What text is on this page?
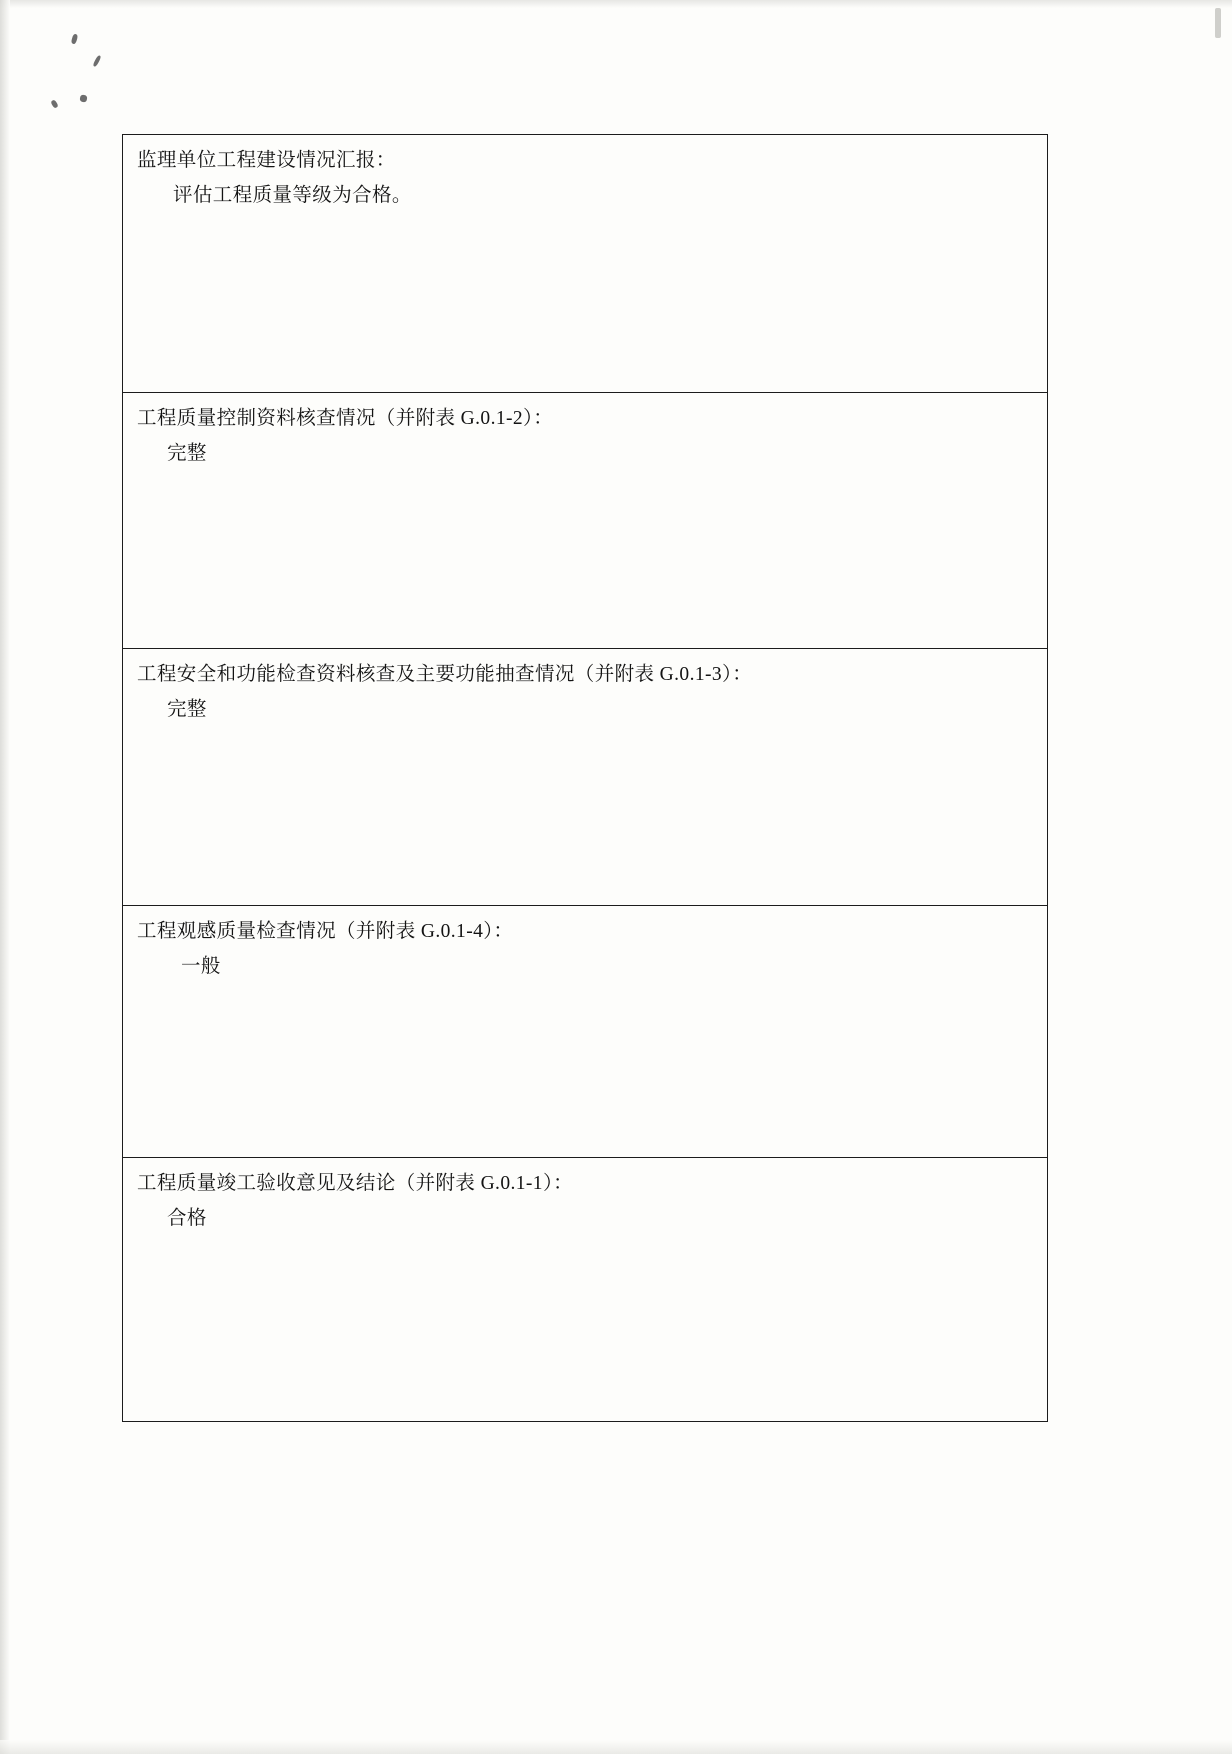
监理单位工程建设情况汇报：
评估工程质量等级为合格。
工程质量控制资料核查情况（并附表 G.0.1-2）：
完整
工程安全和功能检查资料核查及主要功能抽查情况（并附表 G.0.1-3）：
完整
工程观感质量检查情况（并附表 G.0.1-4）：
一般
工程质量竣工验收意见及结论（并附表 G.0.1-1）：
合格
